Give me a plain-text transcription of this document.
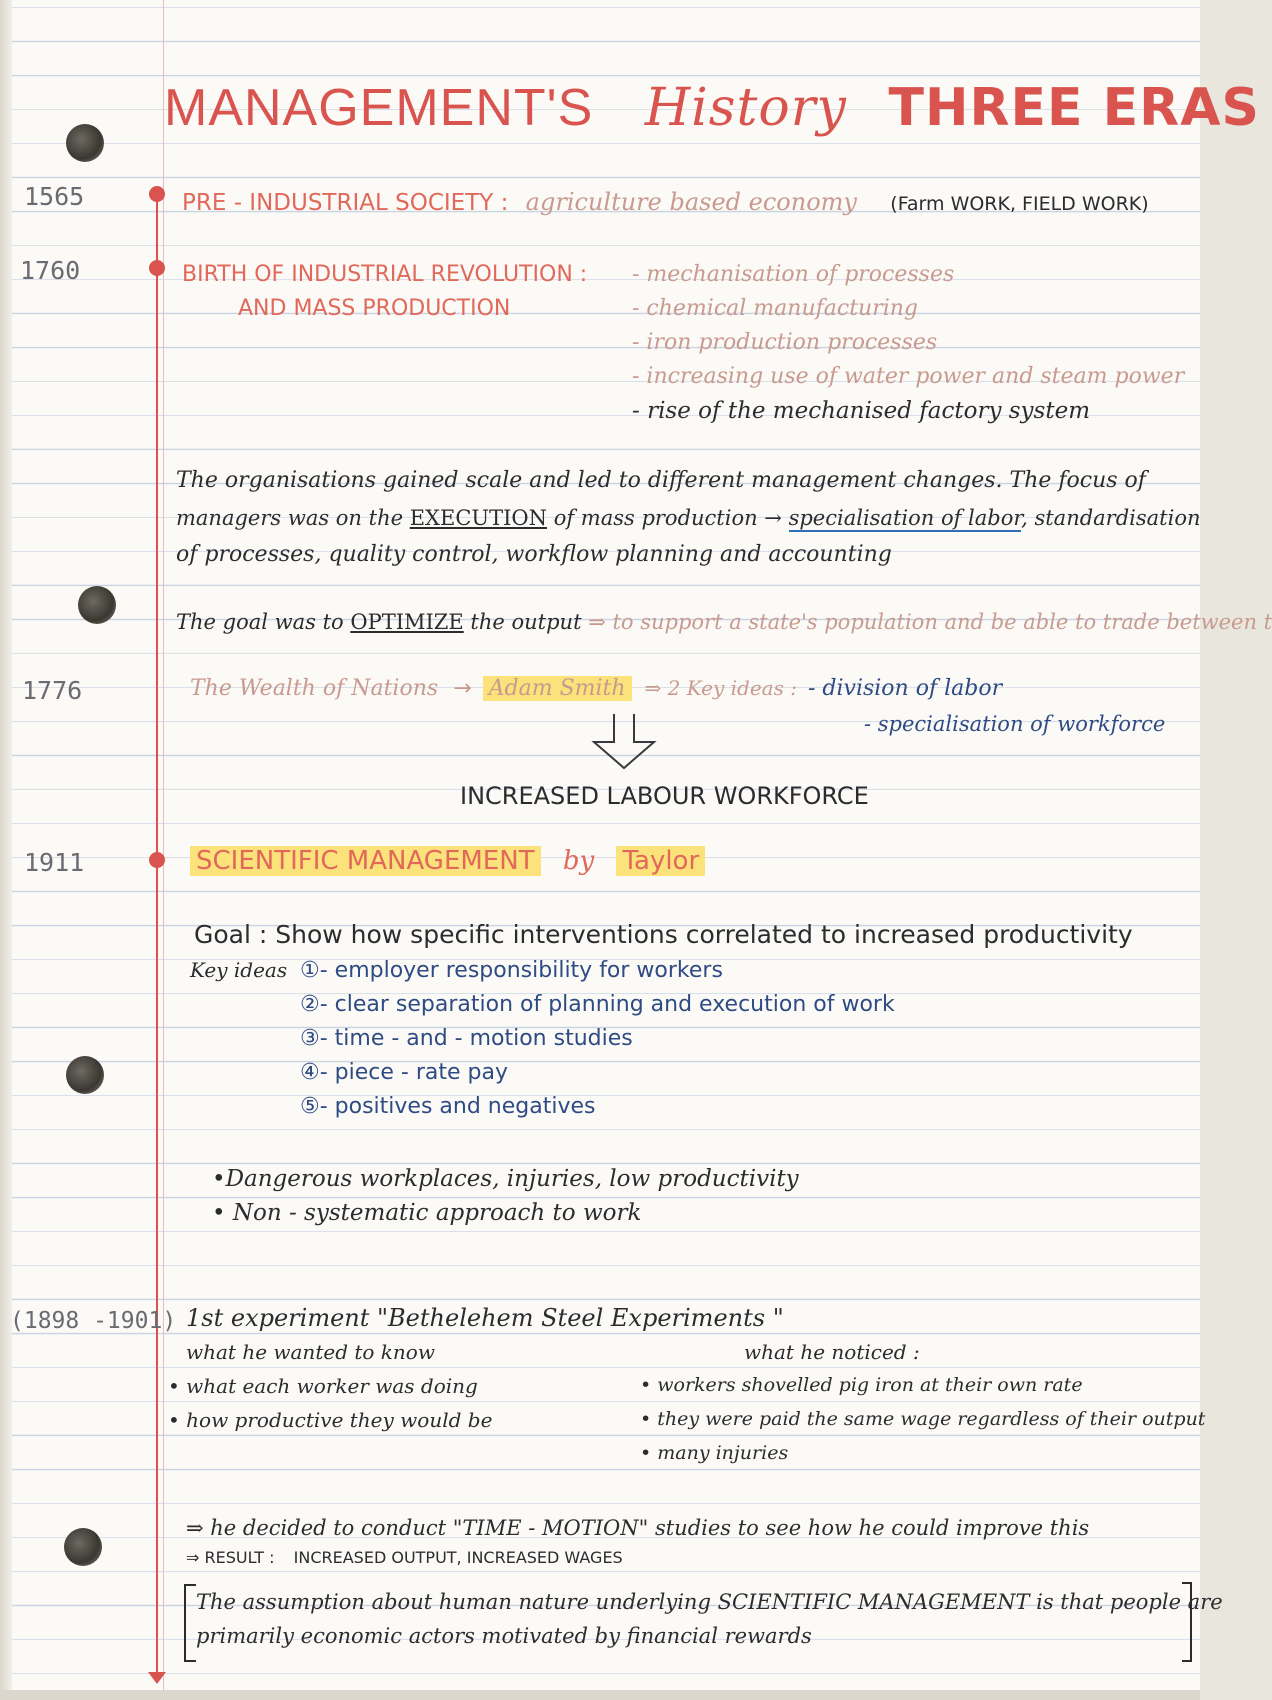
MANAGEMENT'S History THREE ERAS
1565
1760
1776
1911
(1898 -1901)
PRE - INDUSTRIAL SOCIETY : agriculture based economy (Farm WORK, FIELD WORK)
BIRTH OF INDUSTRIAL REVOLUTION :
AND MASS PRODUCTION
- mechanisation of processes
- chemical manufacturing
- iron production processes
- increasing use of water power and steam power
- rise of the mechanised factory system
The organisations gained scale and led to different management changes. The focus of
managers was on the EXECUTION of mass production → specialisation of labor, standardisation
of processes, quality control, workflow planning and accounting
The goal was to OPTIMIZE the output ⇒ to support a state's population and be able to trade between t
The Wealth of Nations → Adam Smith ⇒ 2 Key ideas : - division of labor
- specialisation of workforce
INCREASED LABOUR WORKFORCE
SCIENTIFIC MANAGEMENT by Taylor
Goal : Show how specific interventions correlated to increased productivity
Key ideas ①- employer responsibility for workers
②- clear separation of planning and execution of work
③- time - and - motion studies
④- piece - rate pay
⑤- positives and negatives
•Dangerous workplaces, injuries, low productivity
• Non - systematic approach to work
1st experiment "Bethelehem Steel Experiments "
what he wanted to know
• what each worker was doing
• how productive they would be
what he noticed :
• workers shovelled pig iron at their own rate
• they were paid the same wage regardless of their output
• many injuries
⇒ he decided to conduct "TIME - MOTION" studies to see how he could improve this
⇒ RESULT : INCREASED OUTPUT, INCREASED WAGES
The assumption about human nature underlying SCIENTIFIC MANAGEMENT is that people are
primarily economic actors motivated by financial rewards
